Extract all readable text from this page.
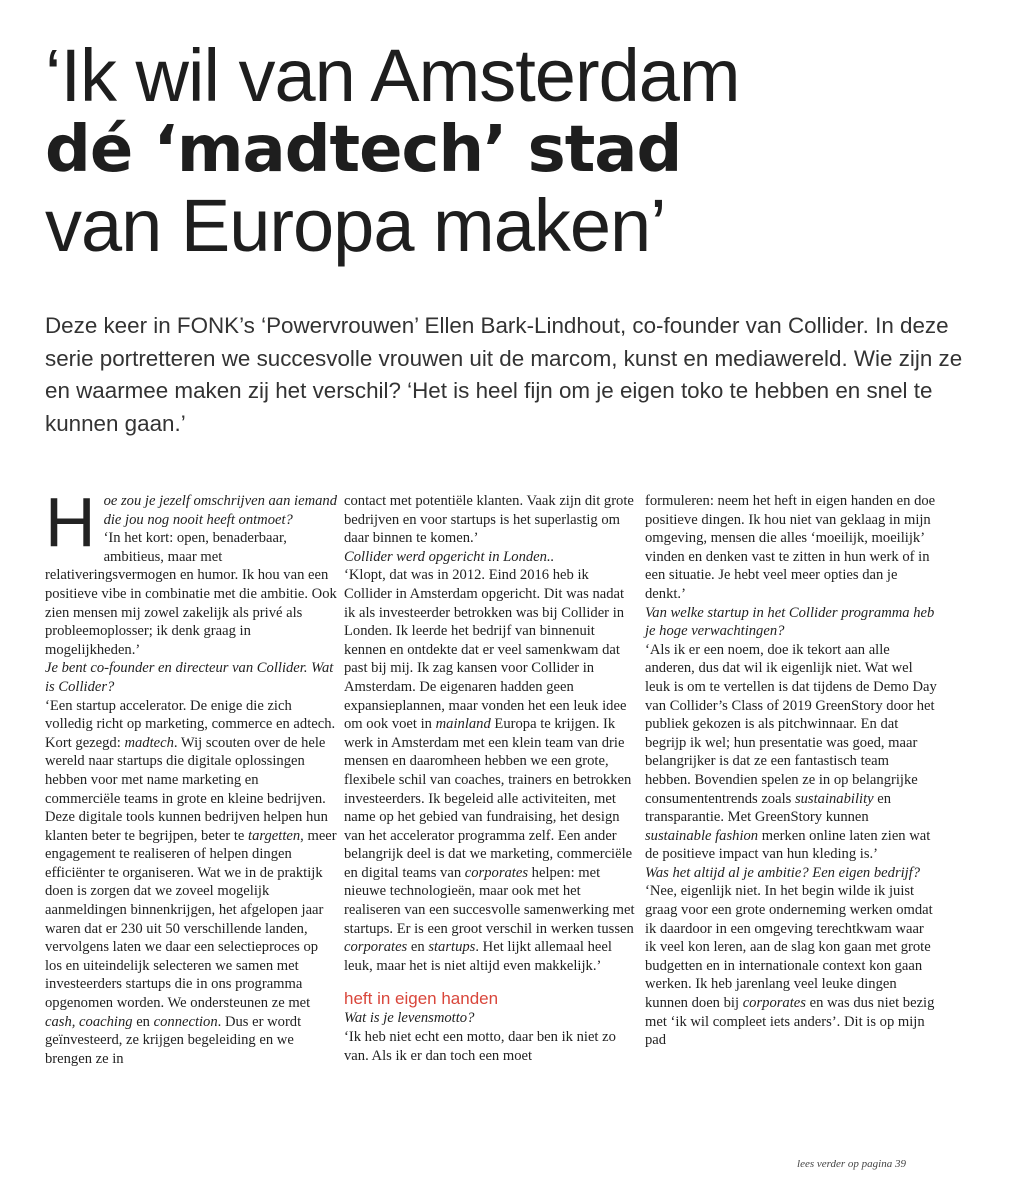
‘Ik wil van Amsterdam
dé ‘madtech’ stad
van Europa maken’
Deze keer in FONK’s ‘Powervrouwen’ Ellen Bark-Lindhout, co-founder van Collider. In deze serie portretteren we succesvolle vrouwen uit de marcom, kunst en mediawereld. Wie zijn ze en waarmee maken zij het verschil? ‘Het is heel fijn om je eigen toko te hebben en snel te kunnen gaan.’
H oe zou je jezelf omschrijven aan iemand die jou nog nooit heeft ontmoet?

‘In het kort: open, benaderbaar, ambitieus, maar met relativeringsvermogen en humor. Ik hou van een positieve vibe in combinatie met die ambitie. Ook zien mensen mij zowel zakelijk als privé als probleemoplosser; ik denk graag in mogelijkheden.’

Je bent co-founder en directeur van Collider. Wat is Collider?

‘Een startup accelerator. De enige die zich volledig richt op marketing, commerce en adtech. Kort gezegd: madtech. Wij scouten over de hele wereld naar startups die digitale oplossingen hebben voor met name marketing en commerciële teams in grote en kleine bedrijven. Deze digitale tools kunnen bedrijven helpen hun klanten beter te begrijpen, beter te targetten, meer engagement te realiseren of helpen dingen efficiënter te organiseren. Wat we in de praktijk doen is zorgen dat we zoveel mogelijk aanmeldingen binnenkrijgen, het afgelopen jaar waren dat er 230 uit 50 verschillende landen, vervolgens laten we daar een selectieproces op los en uiteindelijk selecteren we samen met investeerders startups die in ons programma opgenomen worden. We ondersteunen ze met cash, coaching en connection. Dus er wordt geïnvesteerd, ze krijgen begeleiding en we brengen ze in

contact met potentiële klanten. Vaak zijn dit grote bedrijven en voor startups is het superlastig om daar binnen te komen.’

Collider werd opgericht in Londen..

‘Klopt, dat was in 2012. Eind 2016 heb ik Collider in Amsterdam opgericht. Dit was nadat ik als investeerder betrokken was bij Collider in Londen. Ik leerde het bedrijf van binnenuit kennen en ontdekte dat er veel samenkwam dat past bij mij. Ik zag kansen voor Collider in Amsterdam. De eigenaren hadden geen expansieplannen, maar vonden het een leuk idee om ook voet in mainland Europa te krijgen. Ik werk in Amsterdam met een klein team van drie mensen en daaromheen hebben we een grote, flexibele schil van coaches, trainers en betrokken investeerders. Ik begeleid alle activiteiten, met name op het gebied van fundraising, het design van het accelerator programma zelf. Een ander belangrijk deel is dat we marketing, commerciële en digital teams van corporates helpen: met nieuwe technologieën, maar ook met het realiseren van een succesvolle samenwerking met startups. Er is een groot verschil in werken tussen corporates en startups. Het lijkt allemaal heel leuk, maar het is niet altijd even makkelijk.’

heft in eigen handen

Wat is je levensmotto?

‘Ik heb niet echt een motto, daar ben ik niet zo van. Als ik er dan toch een moet

formuleren: neem het heft in eigen handen en doe positieve dingen. Ik hou niet van geklaag in mijn omgeving, mensen die alles ‘moeilijk, moeilijk’ vinden en denken vast te zitten in hun werk of in een situatie. Je hebt veel meer opties dan je denkt.’

Van welke startup in het Collider programma heb je hoge verwachtingen?

‘Als ik er een noem, doe ik tekort aan alle anderen, dus dat wil ik eigenlijk niet. Wat wel leuk is om te vertellen is dat tijdens de Demo Day van Collider’s Class of 2019 GreenStory door het publiek gekozen is als pitchwinnaar. En dat begrijp ik wel; hun presentatie was goed, maar belangrijker is dat ze een fantastisch team hebben. Bovendien spelen ze in op belangrijke consumententrends zoals sustainability en transparantie. Met GreenStory kunnen sustainable fashion merken online laten zien wat de positieve impact van hun kleding is.’

Was het altijd al je ambitie? Een eigen bedrijf?

‘Nee, eigenlijk niet. In het begin wilde ik juist graag voor een grote onderneming werken omdat ik daardoor in een omgeving terechtkwam waar ik veel kon leren, aan de slag kon gaan met grote budgetten en in internationale context kon gaan werken. Ik heb jarenlang veel leuke dingen kunnen doen bij corporates en was dus niet bezig met ‘ik wil compleet iets anders’. Dit is op mijn pad

lees verder op pagina 39
